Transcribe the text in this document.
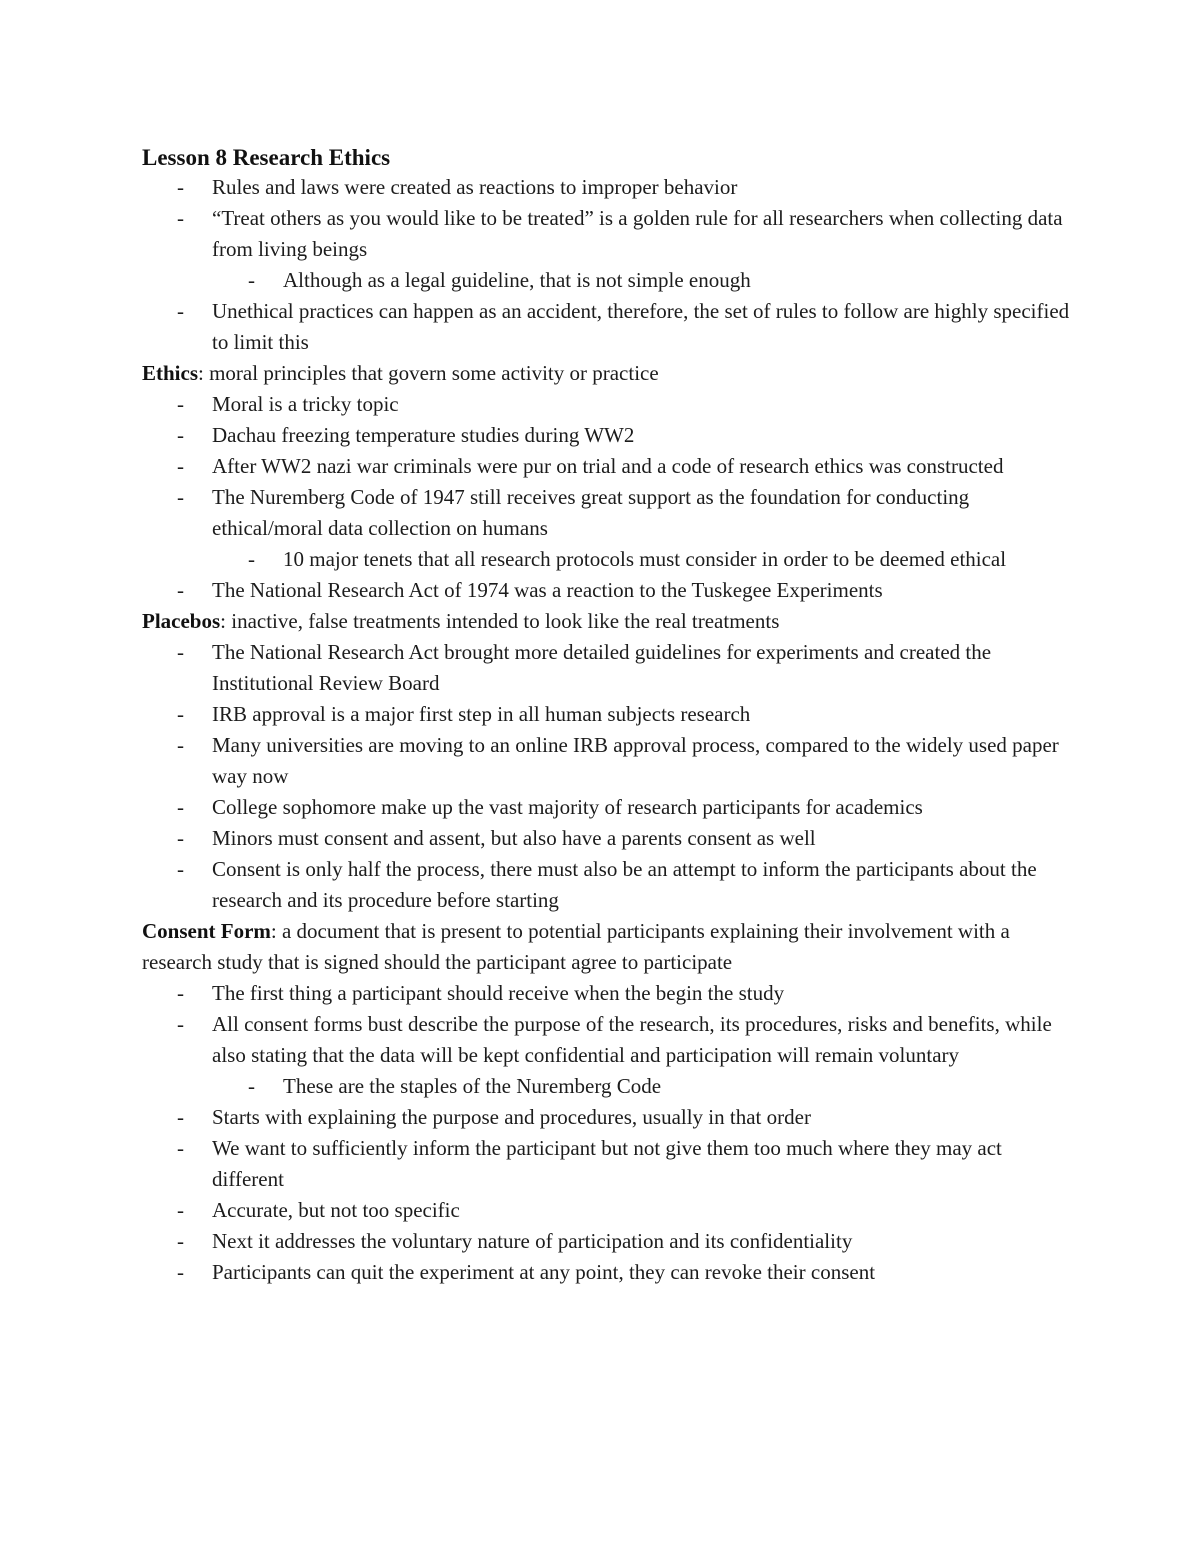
Lesson 8 Research Ethics
- Rules and laws were created as reactions to improper behavior
- “Treat others as you would like to be treated” is a golden rule for all researchers when collecting data from living beings
- Although as a legal guideline, that is not simple enough
- Unethical practices can happen as an accident, therefore, the set of rules to follow are highly specified to limit this
Ethics: moral principles that govern some activity or practice
- Moral is a tricky topic
- Dachau freezing temperature studies during WW2
- After WW2 nazi war criminals were pur on trial and a code of research ethics was constructed
- The Nuremberg Code of 1947 still receives great support as the foundation for conducting ethical/moral data collection on humans
- 10 major tenets that all research protocols must consider in order to be deemed ethical
- The National Research Act of 1974 was a reaction to the Tuskegee Experiments
Placebos: inactive, false treatments intended to look like the real treatments
- The National Research Act brought more detailed guidelines for experiments and created the Institutional Review Board
- IRB approval is a major first step in all human subjects research
- Many universities are moving to an online IRB approval process, compared to the widely used paper way now
- College sophomore make up the vast majority of research participants for academics
- Minors must consent and assent, but also have a parents consent as well
- Consent is only half the process, there must also be an attempt to inform the participants about the research and its procedure before starting
Consent Form: a document that is present to potential participants explaining their involvement with a research study that is signed should the participant agree to participate
- The first thing a participant should receive when the begin the study
- All consent forms bust describe the purpose of the research, its procedures, risks and benefits, while also stating that the data will be kept confidential and participation will remain voluntary
- These are the staples of the Nuremberg Code
- Starts with explaining the purpose and procedures, usually in that order
- We want to sufficiently inform the participant but not give them too much where they may act different
- Accurate, but not too specific
- Next it addresses the voluntary nature of participation and its confidentiality
- Participants can quit the experiment at any point, they can revoke their consent
